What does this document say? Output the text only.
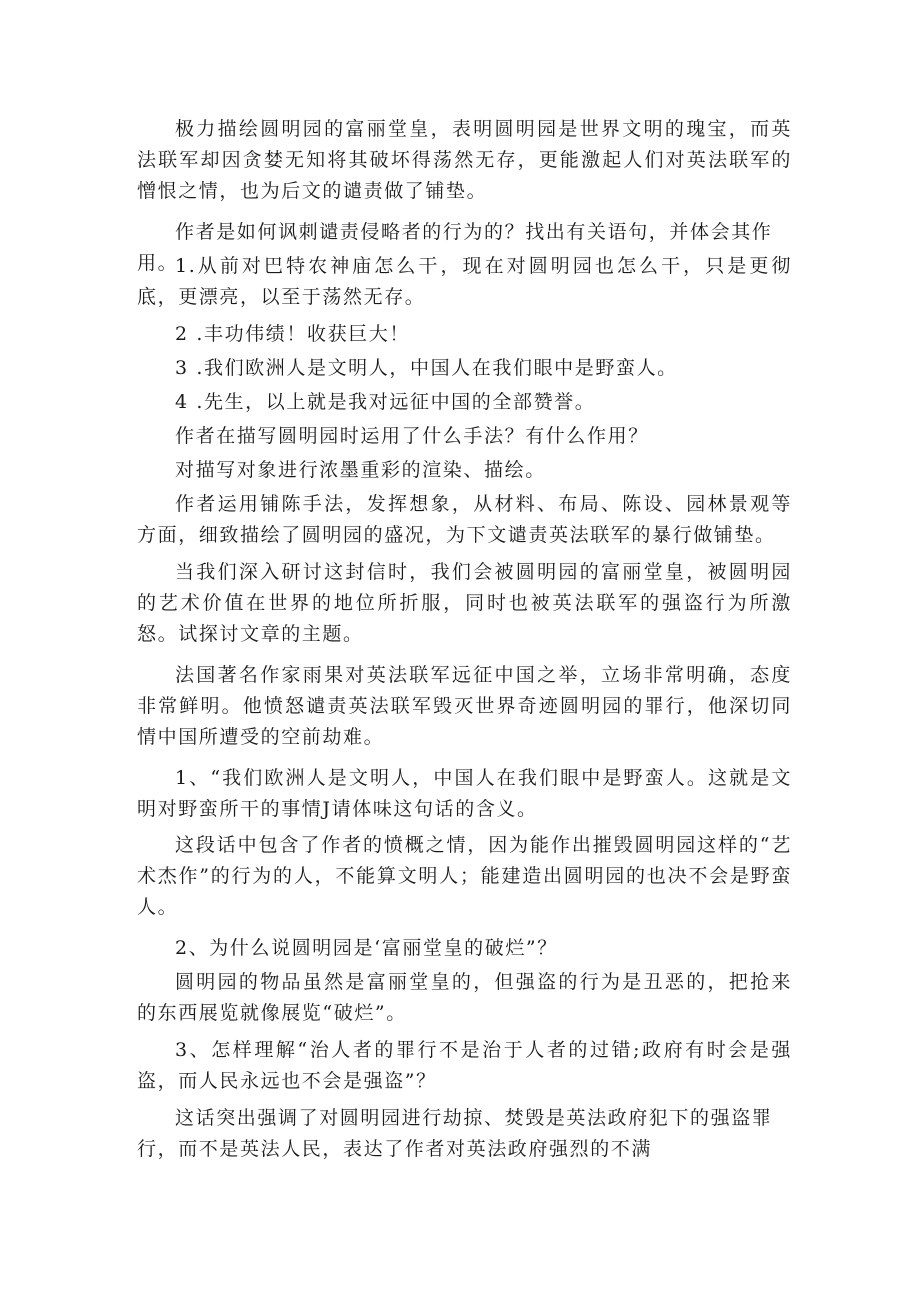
极力描绘圆明园的富丽堂皇，表明圆明园是世界文明的瑰宝，而英法联军却因贪婪无知将其破坏得荡然无存，更能激起人们对英法联军的憎恨之情，也为后文的谴责做了铺垫。

作者是如何讽刺谴责侵略者的行为的？找出有关语句，并体会其作用。

1.从前对巴特农神庙怎么干，现在对圆明园也怎么干，只是更彻底，更漂亮，以至于荡然无存。

2 .丰功伟绩！收获巨大！

3 .我们欧洲人是文明人，中国人在我们眼中是野蛮人。

4 .先生，以上就是我对远征中国的全部赞誉。

作者在描写圆明园时运用了什么手法？有什么作用？

对描写对象进行浓墨重彩的渲染、描绘。

作者运用铺陈手法，发挥想象，从材料、布局、陈设、园林景观等方面，细致描绘了圆明园的盛况，为下文谴责英法联军的暴行做铺垫。

当我们深入研讨这封信时，我们会被圆明园的富丽堂皇，被圆明园的艺术价值在世界的地位所折服，同时也被英法联军的强盗行为所激怒。试探讨文章的主题。

法国著名作家雨果对英法联军远征中国之举，立场非常明确，态度非常鲜明。他愤怒谴责英法联军毁灭世界奇迹圆明园的罪行，他深切同情中国所遭受的空前劫难。

1、“我们欧洲人是文明人，中国人在我们眼中是野蛮人。这就是文明对野蛮所干的事情J请体味这句话的含义。

这段话中包含了作者的愤概之情，因为能作出摧毁圆明园这样的“艺术杰作”的行为的人，不能算文明人；能建造出圆明园的也决不会是野蛮人。

2、为什么说圆明园是‘富丽堂皇的破烂”？

圆明园的物品虽然是富丽堂皇的，但强盗的行为是丑恶的，把抢来的东西展览就像展览“破烂”。

3、怎样理解“治人者的罪行不是治于人者的过错;政府有时会是强盗，而人民永远也不会是强盗”？

这话突出强调了对圆明园进行劫掠、焚毁是英法政府犯下的强盗罪行，而不是英法人民，表达了作者对英法政府强烈的不满
